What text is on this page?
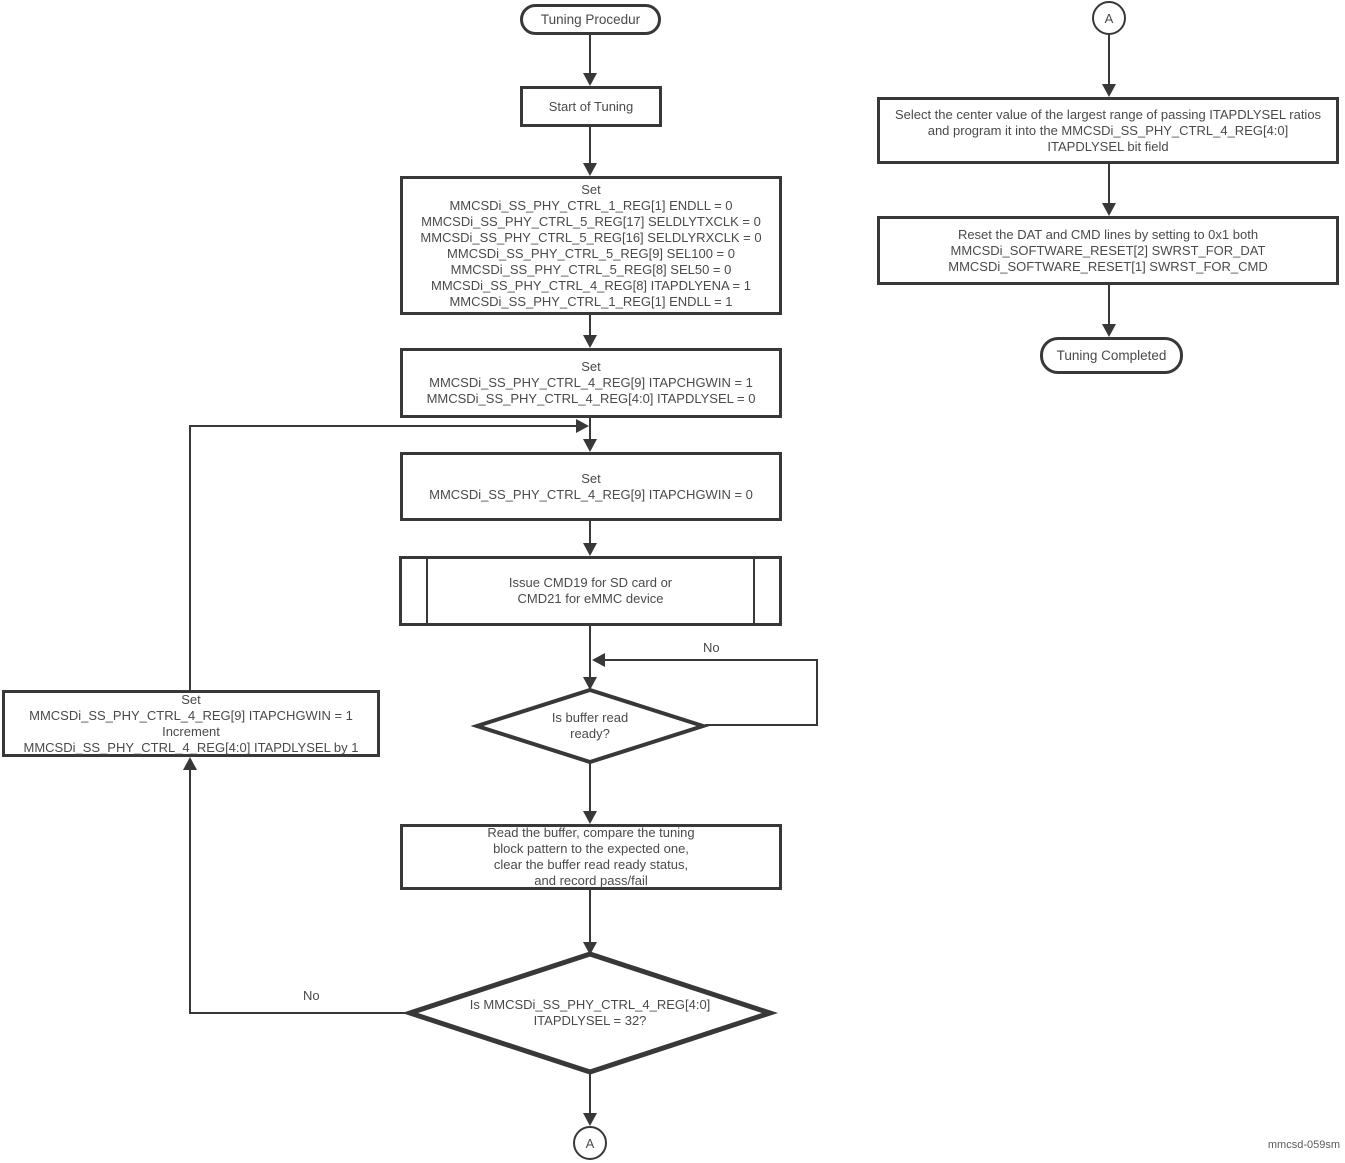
Tuning Procedur
Start of Tuning
Set
MMCSDi_SS_PHY_CTRL_1_REG[1] ENDLL = 0
MMCSDi_SS_PHY_CTRL_5_REG[17] SELDLYTXCLK = 0
MMCSDi_SS_PHY_CTRL_5_REG[16] SELDLYRXCLK = 0
MMCSDi_SS_PHY_CTRL_5_REG[9] SEL100 = 0
MMCSDi_SS_PHY_CTRL_5_REG[8] SEL50 = 0
MMCSDi_SS_PHY_CTRL_4_REG[8] ITAPDLYENA = 1
MMCSDi_SS_PHY_CTRL_1_REG[1] ENDLL = 1
Set
MMCSDi_SS_PHY_CTRL_4_REG[9] ITAPCHGWIN = 1
MMCSDi_SS_PHY_CTRL_4_REG[4:0] ITAPDLYSEL = 0
Set
MMCSDi_SS_PHY_CTRL_4_REG[9] ITAPCHGWIN = 0
Issue CMD19 for SD card or
CMD21 for eMMC device
No
Is buffer read
ready?
Read the buffer, compare the tuning
block pattern to the expected one,
clear the buffer read ready status,
and record pass/fail
Is MMCSDi_SS_PHY_CTRL_4_REG[4:0]
ITAPDLYSEL = 32?
No
Set
MMCSDi_SS_PHY_CTRL_4_REG[9] ITAPCHGWIN = 1
Increment
MMCSDi_SS_PHY_CTRL_4_REG[4:0] ITAPDLYSEL by 1
A
A
Select the center value of the largest range of passing ITAPDLYSEL ratios
and program it into the MMCSDi_SS_PHY_CTRL_4_REG[4:0]
ITAPDLYSEL bit field
Reset the DAT and CMD lines by setting to 0x1 both
MMCSDi_SOFTWARE_RESET[2] SWRST_FOR_DAT
MMCSDi_SOFTWARE_RESET[1] SWRST_FOR_CMD
Tuning Completed
mmcsd-059sm
